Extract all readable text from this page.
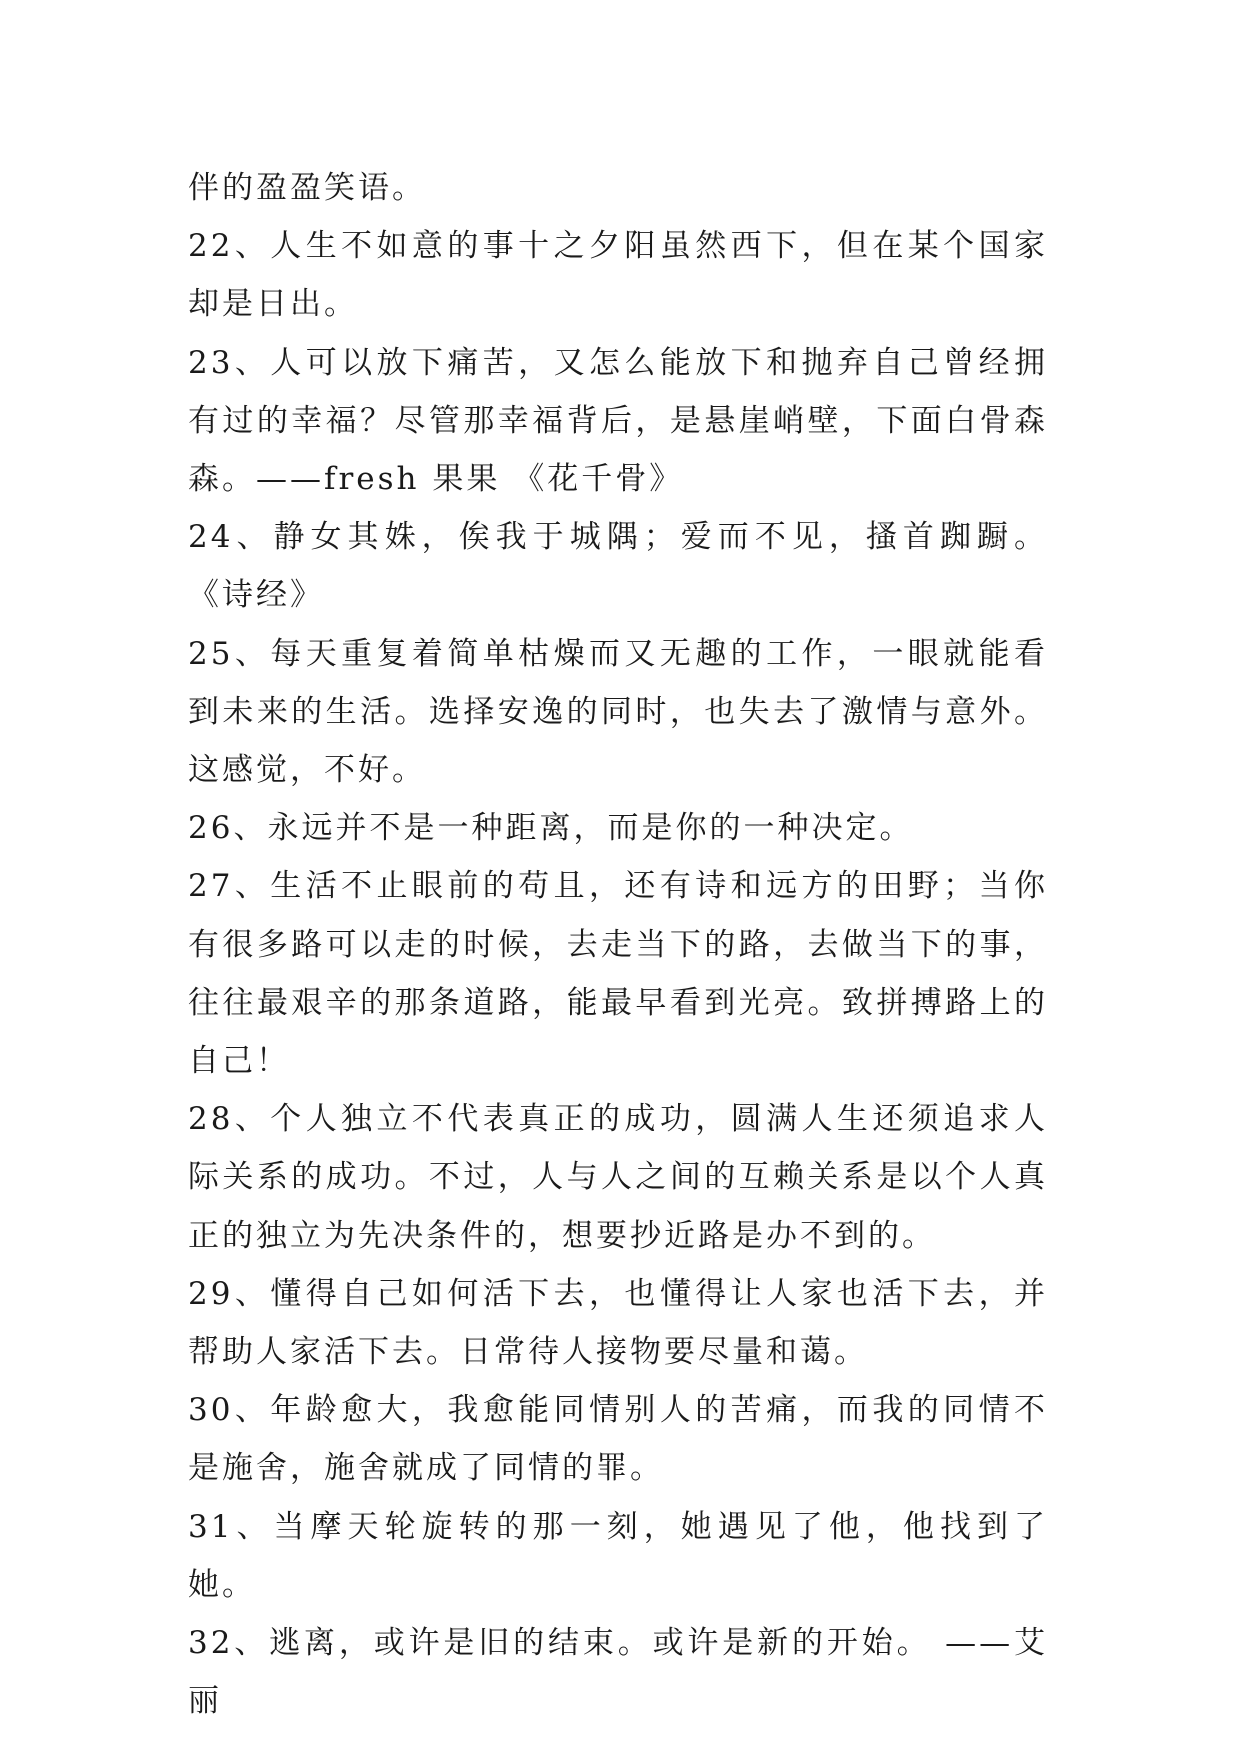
伴的盈盈笑语。

22、人生不如意的事十之夕阳虽然西下，但在某个国家却是日出。

23、人可以放下痛苦，又怎么能放下和抛弃自己曾经拥有过的幸福？尽管那幸福背后，是悬崖峭壁，下面白骨森森。——fresh 果果 《花千骨》

24、静女其姝，俟我于城隅；爱而不见，搔首踟蹰。 《诗经》

25、每天重复着简单枯燥而又无趣的工作，一眼就能看到未来的生活。选择安逸的同时，也失去了激情与意外。这感觉，不好。

26、永远并不是一种距离，而是你的一种决定。

27、生活不止眼前的苟且，还有诗和远方的田野；当你有很多路可以走的时候，去走当下的路，去做当下的事，往往最艰辛的那条道路，能最早看到光亮。致拼搏路上的自己！

28、个人独立不代表真正的成功，圆满人生还须追求人际关系的成功。不过，人与人之间的互赖关系是以个人真正的独立为先决条件的，想要抄近路是办不到的。

29、懂得自己如何活下去，也懂得让人家也活下去，并帮助人家活下去。日常待人接物要尽量和蔼。

30、年龄愈大，我愈能同情别人的苦痛，而我的同情不是施舍，施舍就成了同情的罪。

31、当摩天轮旋转的那一刻，她遇见了他，他找到了她。

32、逃离，或许是旧的结束。或许是新的开始。 ——艾丽
